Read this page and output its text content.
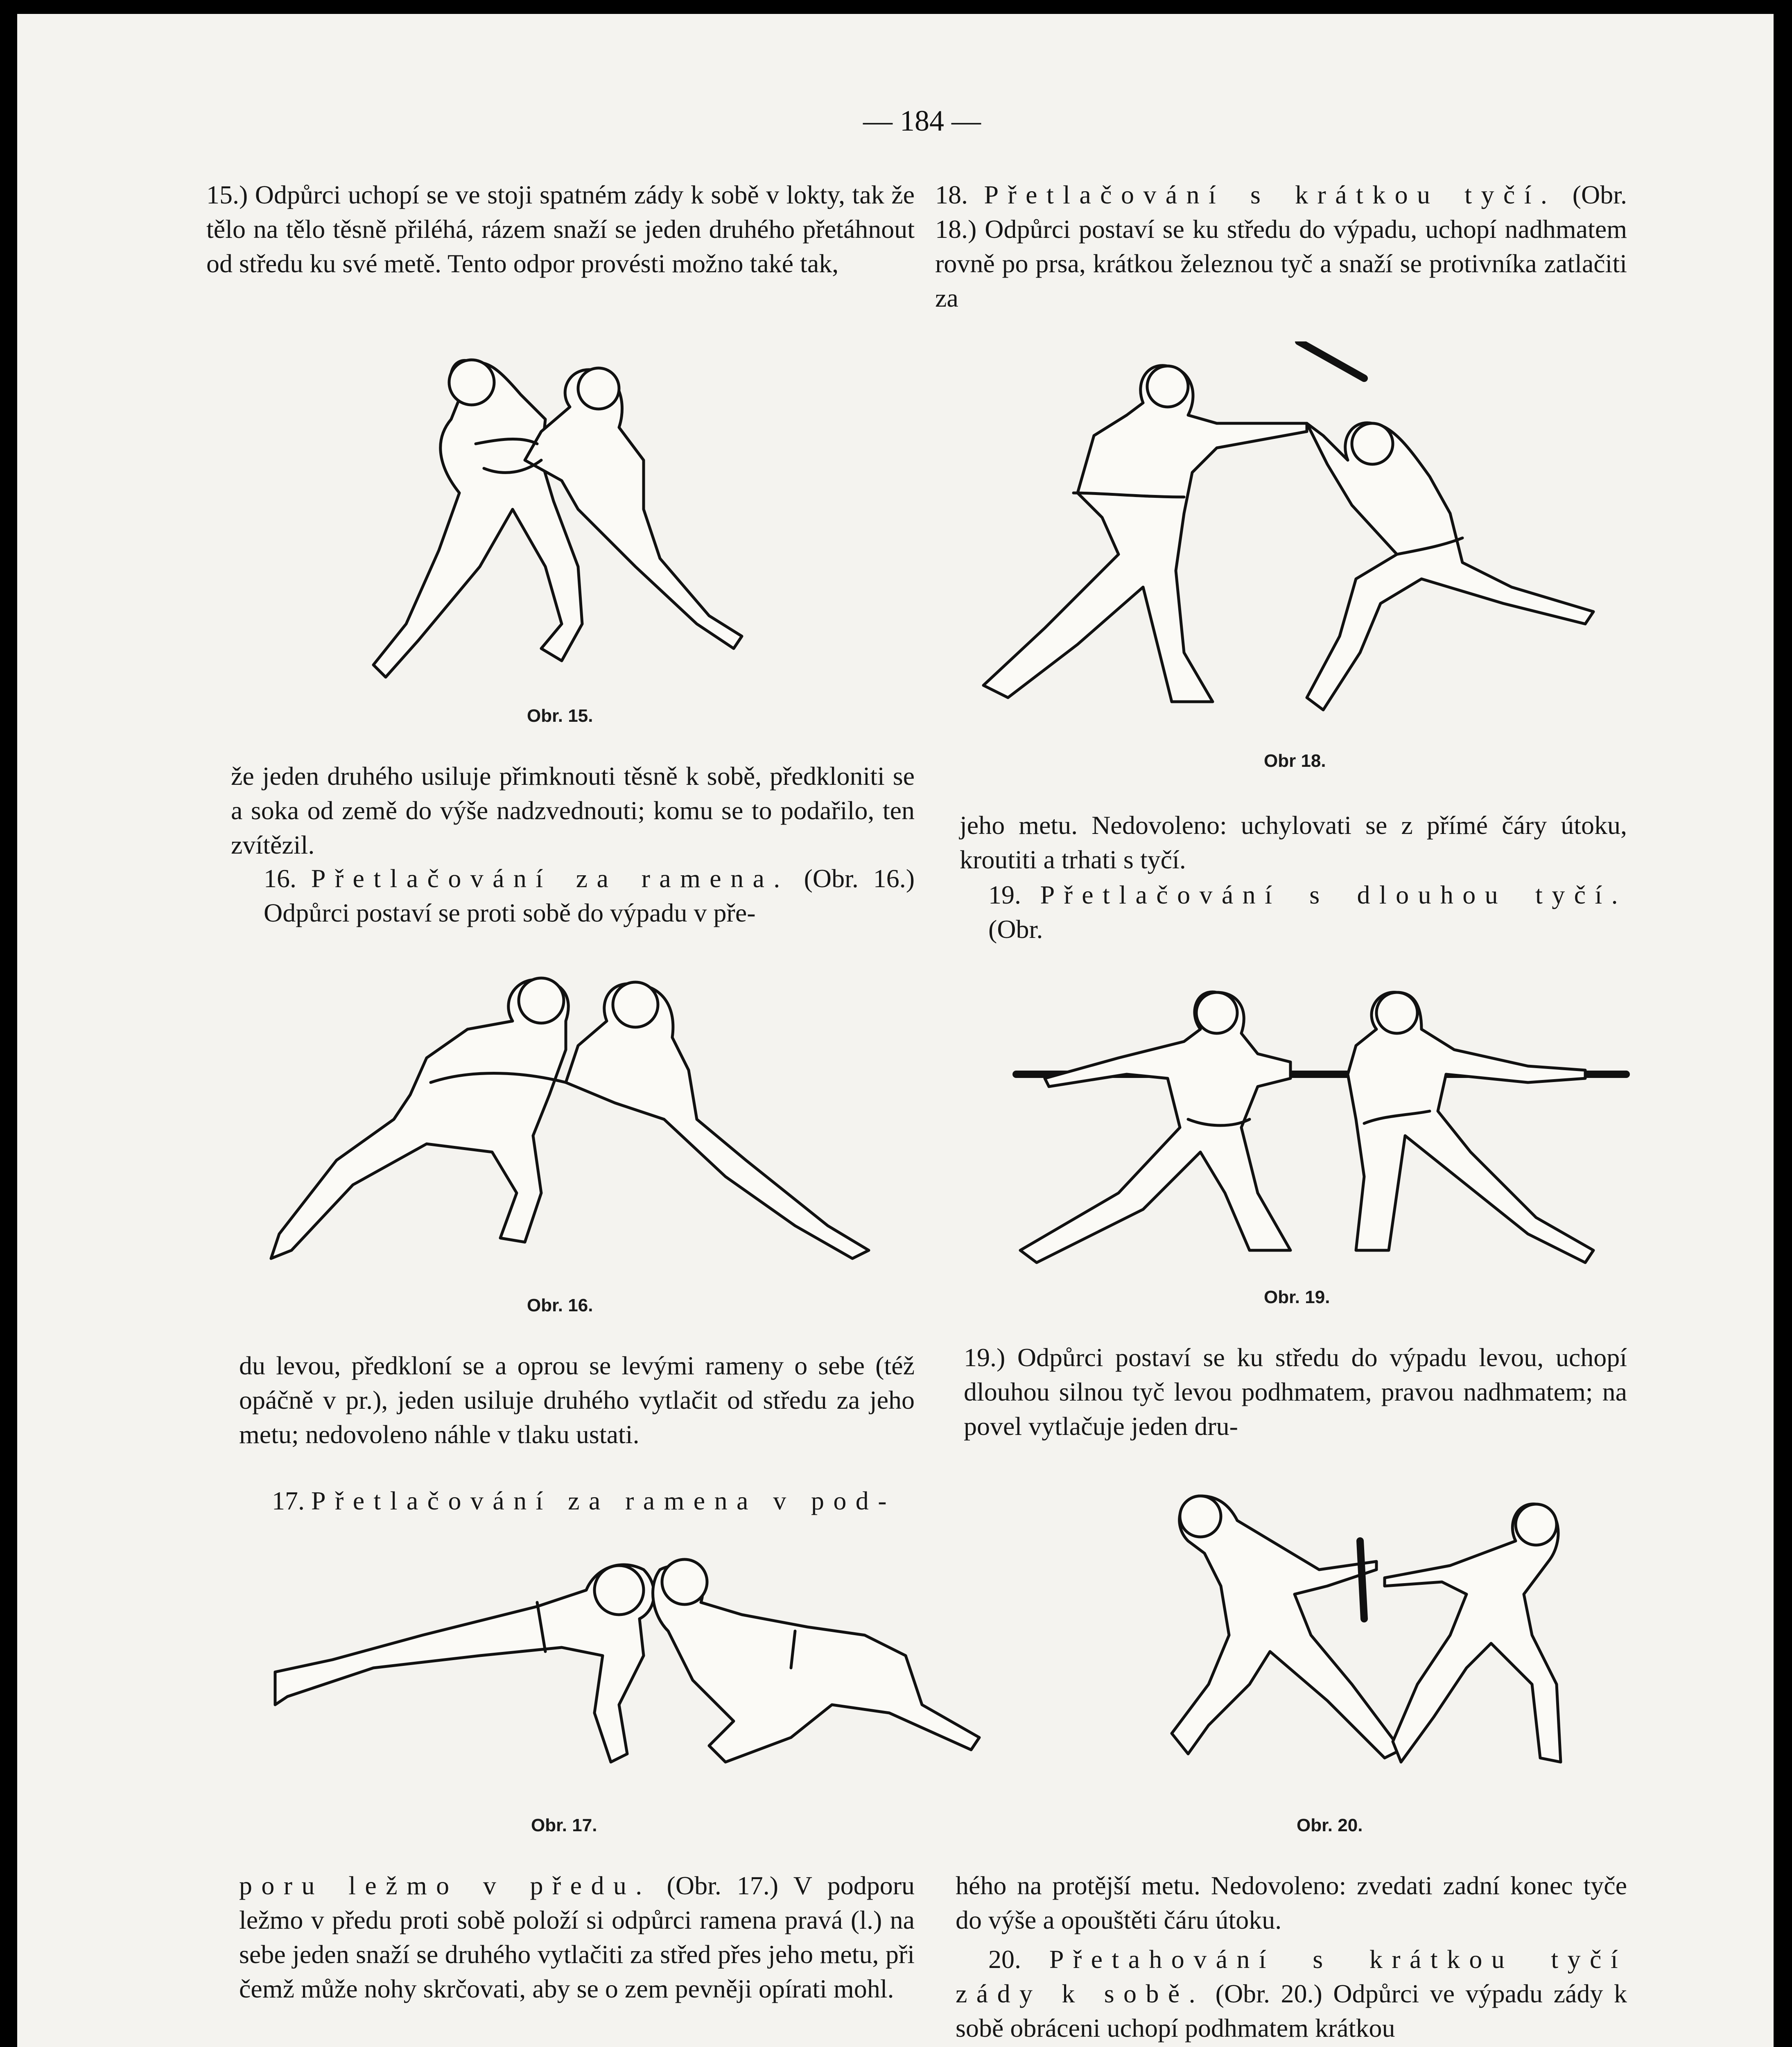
— 184 —

15.) Odpůrci uchopí se ve stoji spatném zády k sobě v lokty, tak že tělo na tělo těsně přiléhá, rázem snaží se jeden druhého přetáhnout od středu ku své metě. Tento odpor provésti možno také tak,

Obr. 15.

že jeden druhého usiluje přimknouti těsně k sobě, předkloniti se a soka od země do výše nadzvednouti; komu se to podařilo, ten zvítězil.

16. Přetlačování za ramena. (Obr. 16.) Odpůrci postaví se proti sobě do výpadu v pře-

Obr. 16.

du levou, předkloní se a oprou se levými rameny o sebe (též opáčně v pr.), jeden usiluje druhého vytlačit od středu za jeho metu; nedovoleno náhle v tlaku ustati.

17. Přetlačování za ramena v pod-

Obr. 17.

poru ležmo v předu. (Obr. 17.) V podporu ležmo v předu proti sobě položí si odpůrci ramena pravá (l.) na sebe jeden snaží se druhého vytlačiti za střed přes jeho metu, při čemž může nohy skrčovati, aby se o zem pevněji opírati mohl.

18. Přetlačování s krátkou tyčí. (Obr. 18.) Odpůrci postaví se ku středu do výpadu, uchopí nadhmatem rovně po prsa, krátkou železnou tyč a snaží se protivníka zatlačiti za

Obr 18.

jeho metu. Nedovoleno: uchylovati se z přímé čáry útoku, kroutiti a trhati s tyčí.

19. Přetlačování s dlouhou tyčí. (Obr.

Obr. 19.

19.) Odpůrci postaví se ku středu do výpadu levou, uchopí dlouhou silnou tyč levou podhmatem, pravou nadhmatem; na povel vytlačuje jeden dru-

Obr. 20.

hého na protější metu. Nedovoleno: zvedati zadní konec tyče do výše a opouštěti čáru útoku.

20. Přetahování s krátkou tyčí zády k sobě. (Obr. 20.) Odpůrci ve výpadu zády k sobě obráceni uchopí podhmatem krátkou
